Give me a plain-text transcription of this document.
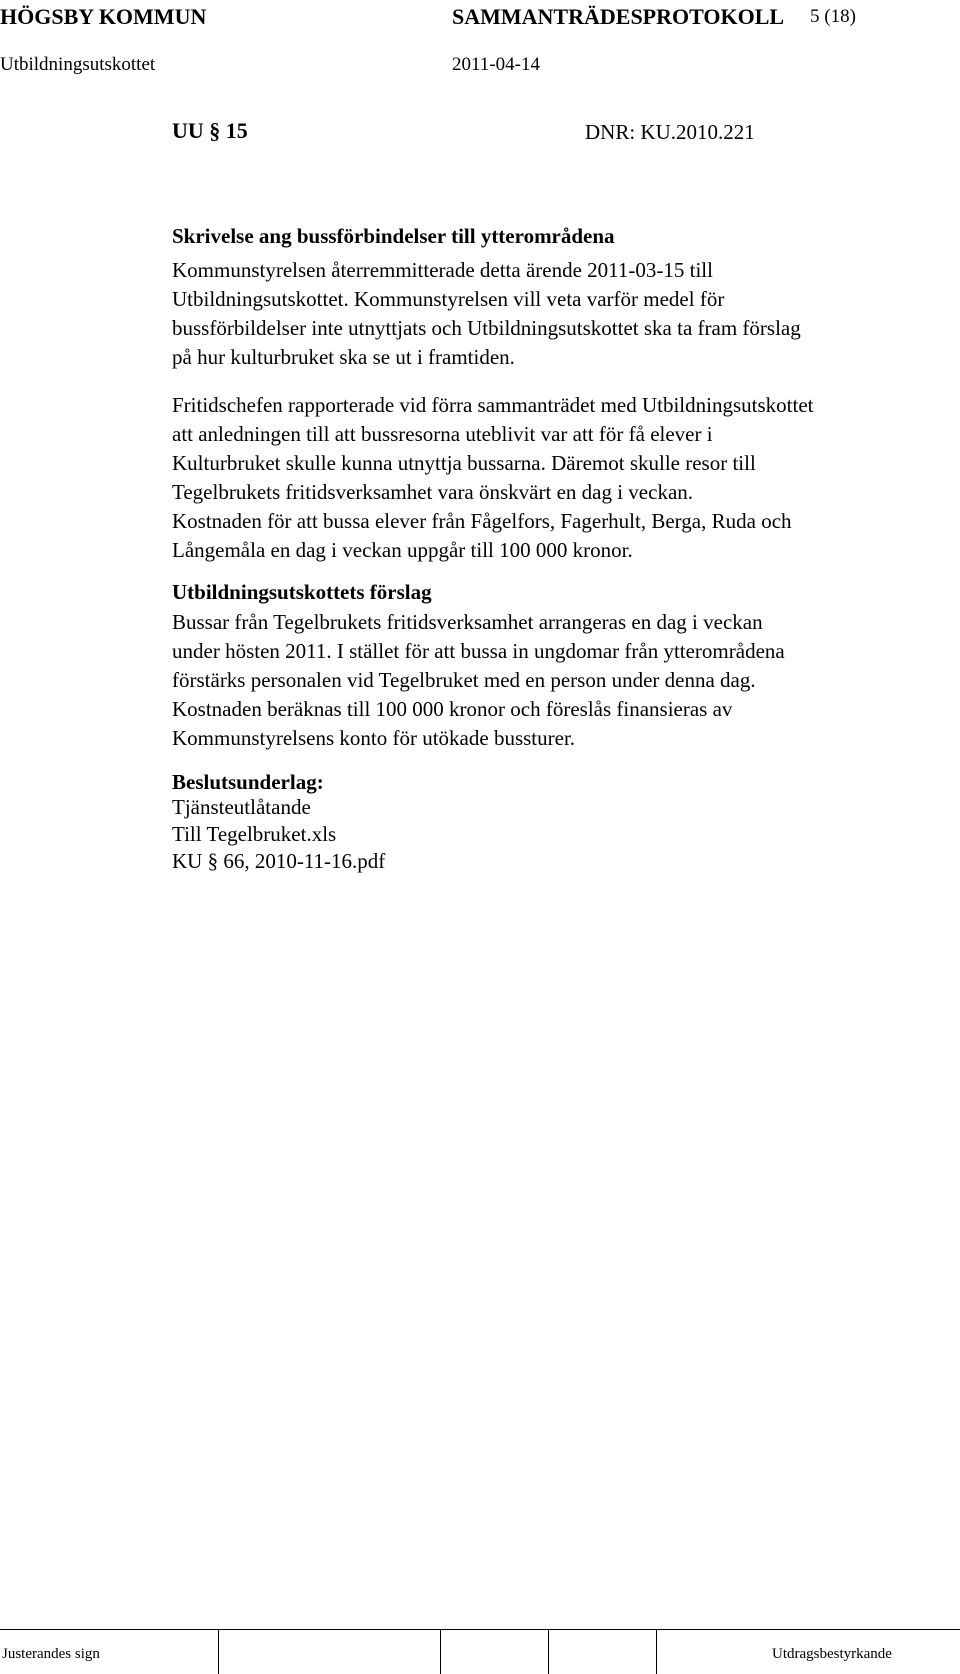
HÖGSBY KOMMUN	SAMMANTRÄDESPROTOKOLL 5 (18)
Utbildningsutskottet	2011-04-14
UU § 15	DNR: KU.2010.221
Skrivelse ang bussförbindelser till ytterområdena
Kommunstyrelsen återremmitterade detta ärende 2011-03-15 till
Utbildningsutskottet. Kommunstyrelsen vill veta varför medel för
bussförbildelser inte utnyttjats och Utbildningsutskottet ska ta fram förslag
på hur kulturbruket ska se ut i framtiden.
Fritidschefen rapporterade vid förra sammanträdet med Utbildningsutskottet
att anledningen till att bussresorna uteblivit var att för få elever i
Kulturbruket skulle kunna utnyttja bussarna. Däremot skulle resor till
Tegelbrukets fritidsverksamhet vara önskvärt en dag i veckan.
Kostnaden för att bussa elever från Fågelfors, Fagerhult, Berga, Ruda och
Långemåla en dag i veckan uppgår till 100 000 kronor.
Utbildningsutskottets förslag
Bussar från Tegelbrukets fritidsverksamhet arrangeras en dag i veckan
under hösten 2011. I stället för att bussa in ungdomar från ytterområdena
förstärks personalen vid Tegelbruket med en person under denna dag.
Kostnaden beräknas till 100 000 kronor och föreslås finansieras av
Kommunstyrelsens konto för utökade bussturer.
Beslutsunderlag:
Tjänsteutlåtande
Till Tegelbruket.xls
KU § 66, 2010-11-16.pdf
Justerandes sign	Utdragsbestyrkande
